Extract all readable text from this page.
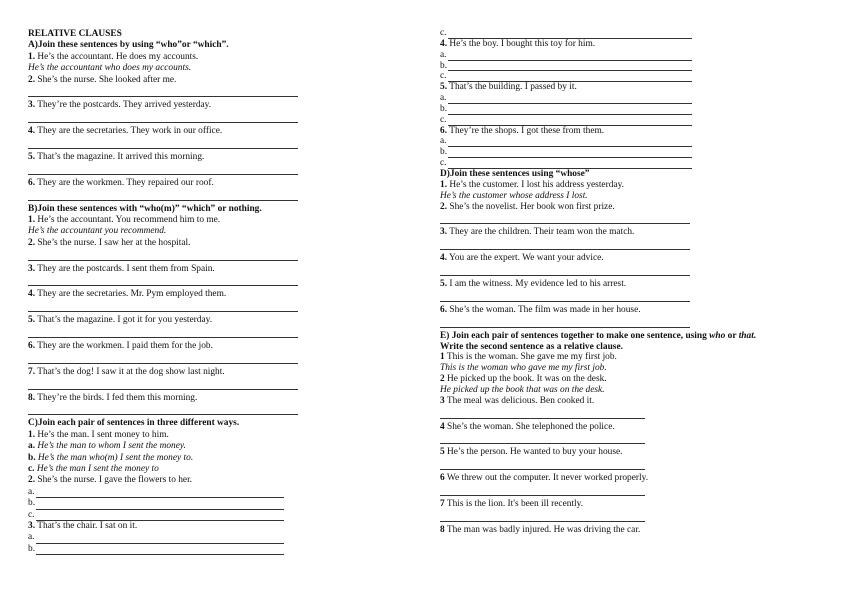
RELATIVE CLAUSES
A)Join these sentences by using “who”or “which”.
1. He’s the accountant. He does my accounts.
He’s the accountant who does my accounts.
2. She’s the nurse. She looked after me.
3. They’re the postcards. They arrived yesterday.
4. They are the secretaries. They work in our office.
5. That’s the magazine. It arrived this morning.
6. They are the workmen. They repaired our roof.
B)Join these sentences with “who(m)” “which” or nothing.
1. He’s the accountant. You recommend him to me.
He’s the accountant you recommend.
2. She’s the nurse. I saw her at the hospital.
3. They are the postcards. I sent them from Spain.
4. They are the secretaries. Mr. Pym employed them.
5. That’s the magazine. I got it for you yesterday.
6. They are the workmen. I paid them for the job.
7. That’s the dog! I saw it at the dog show last night.
8. They’re the birds. I fed them this morning.
C)Join each pair of sentences in three different ways.
1. He’s the man. I sent money to him.
a. He’s the man to whom I sent the money.
b. He’s the man who(m) I sent the money to.
c. He’s the man I sent the money to
2. She’s the nurse. I gave the flowers to her.
a.
b.
c.
3. That’s the chair. I sat on it.
a.
b.
c.
4. He’s the boy. I bought this toy for him.
a.
b.
c.
5. That’s the building. I passed by it.
a.
b.
c.
6. They’re the shops. I got these from them.
a.
b.
c.
D)Join these sentences using “whose”
1. He’s the customer. I lost his address yesterday.
He’s the customer whose address I lost.
2. She’s the novelist. Her book won first prize.
3. They are the children. Their team won the match.
4. You are the expert. We want your advice.
5. I am the witness. My evidence led to his arrest.
6. She’s the woman. The film was made in her house.
E) Join each pair of sentences together to make one sentence, using who or that.
Write the second sentence as a relative clause.
1 This is the woman. She gave me my first job.
This is the woman who gave me my first job.
2 He picked up the book. It was on the desk.
He picked up the book that was on the desk.
3 The meal was delicious. Ben cooked it.
4 She’s the woman. She telephoned the police.
5 He’s the person. He wanted to buy your house.
6 We threw out the computer. It never worked properly.
7 This is the lion. It's been ill recently.
8 The man was badly injured. He was driving the car.
